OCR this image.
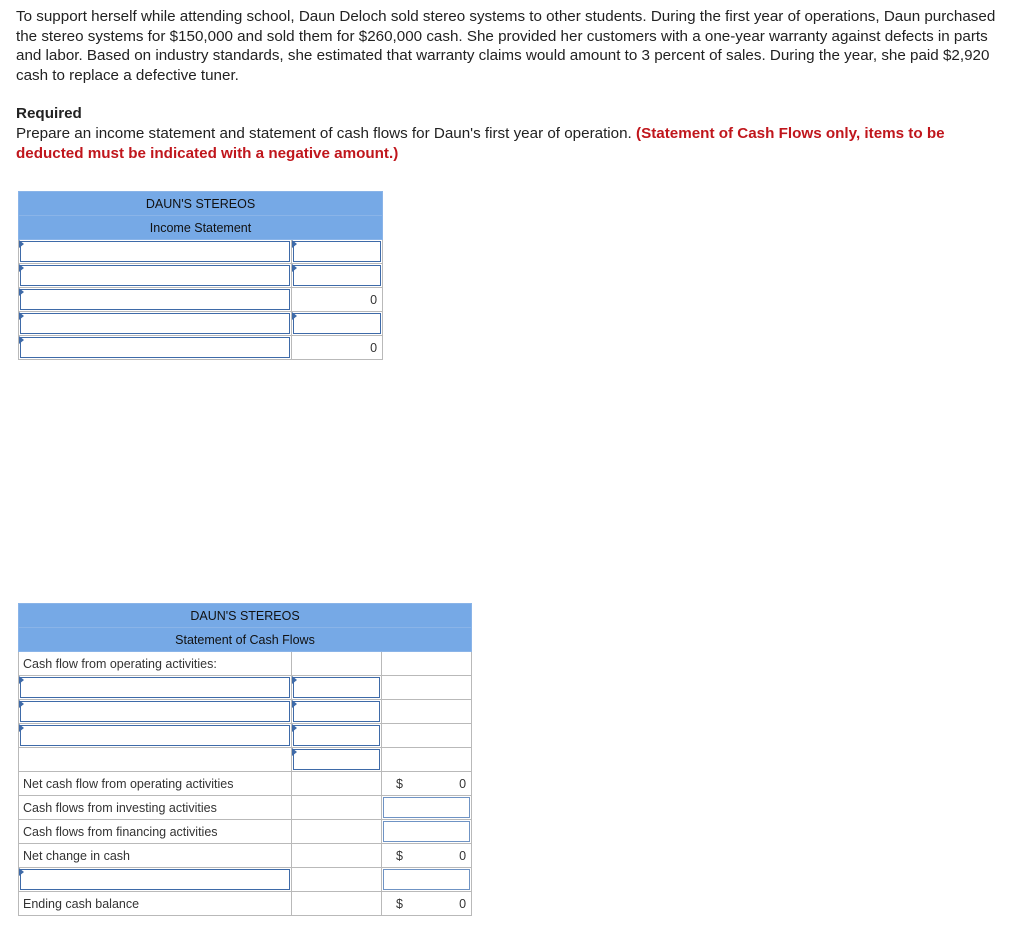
To support herself while attending school, Daun Deloch sold stereo systems to other students. During the first year of operations, Daun purchased the stereo systems for $150,000 and sold them for $260,000 cash. She provided her customers with a one-year warranty against defects in parts and labor. Based on industry standards, she estimated that warranty claims would amount to 3 percent of sales. During the year, she paid $2,920 cash to replace a defective tuner.
Required
Prepare an income statement and statement of cash flows for Daun's first year of operation. (Statement of Cash Flows only, items to be deducted must be indicated with a negative amount.)
DAUN'S STEREOS	
Income Statement	

	0

	0
DAUN'S STEREOS		
Statement of Cash Flows		
Cash flow from operating activities:		

Net cash flow from operating activities		$ 0

Cash flows from investing activities		

Cash flows from financing activities		

Net change in cash		$ 0

Ending cash balance		$ 0
